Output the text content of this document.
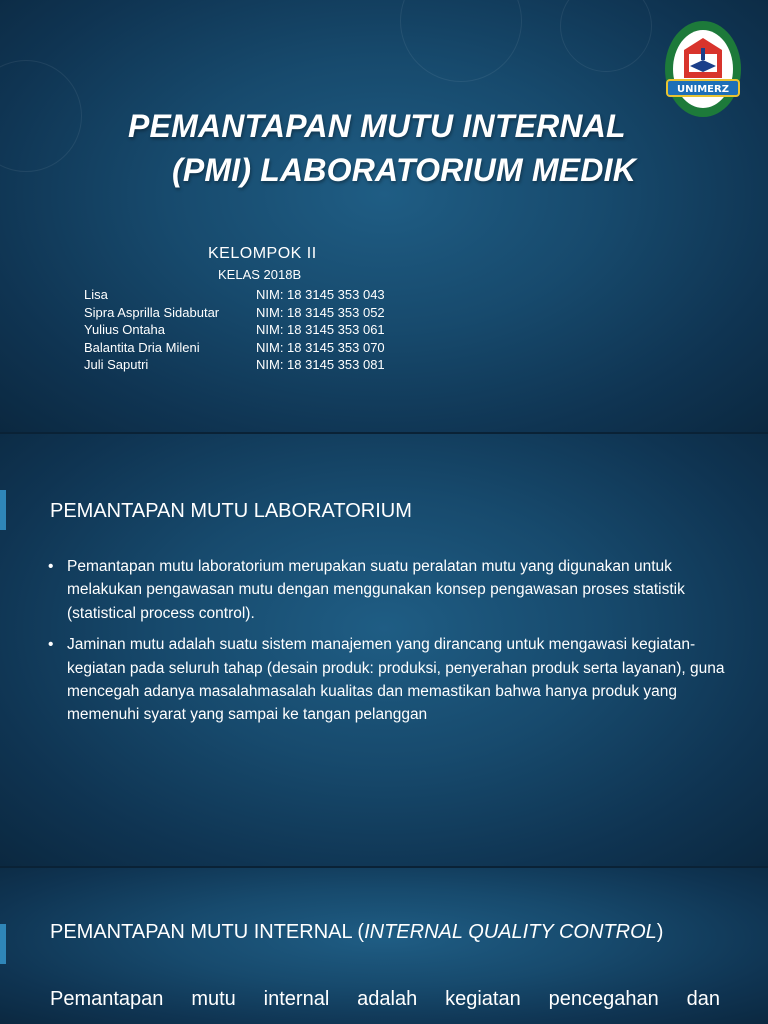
PEMANTAPAN MUTU INTERNAL
(PMI) LABORATORIUM MEDIK
UNIMERZ
KELOMPOK II
KELAS 2018B
Lisa	NIM: 18 3145 353 043
Sipra Asprilla Sidabutar	NIM: 18 3145 353 052
Yulius Ontaha	NIM: 18 3145 353 061
Balantita Dria Mileni	NIM: 18 3145 353 070
Juli Saputri	NIM: 18 3145 353 081
PEMANTAPAN MUTU LABORATORIUM
• Pemantapan mutu laboratorium merupakan suatu peralatan mutu yang digunakan untuk melakukan pengawasan mutu dengan menggunakan konsep pengawasan proses statistik (statistical process control).
• Jaminan mutu adalah suatu sistem manajemen yang dirancang untuk mengawasi kegiatan-kegiatan pada seluruh tahap (desain produk: produksi, penyerahan produk serta layanan), guna mencegah adanya masalahmasalah kualitas dan memastikan bahwa hanya produk yang memenuhi syarat yang sampai ke tangan pelanggan
PEMANTAPAN MUTU INTERNAL (INTERNAL QUALITY CONTROL)
Pemantapan mutu internal adalah kegiatan pencegahan dan
